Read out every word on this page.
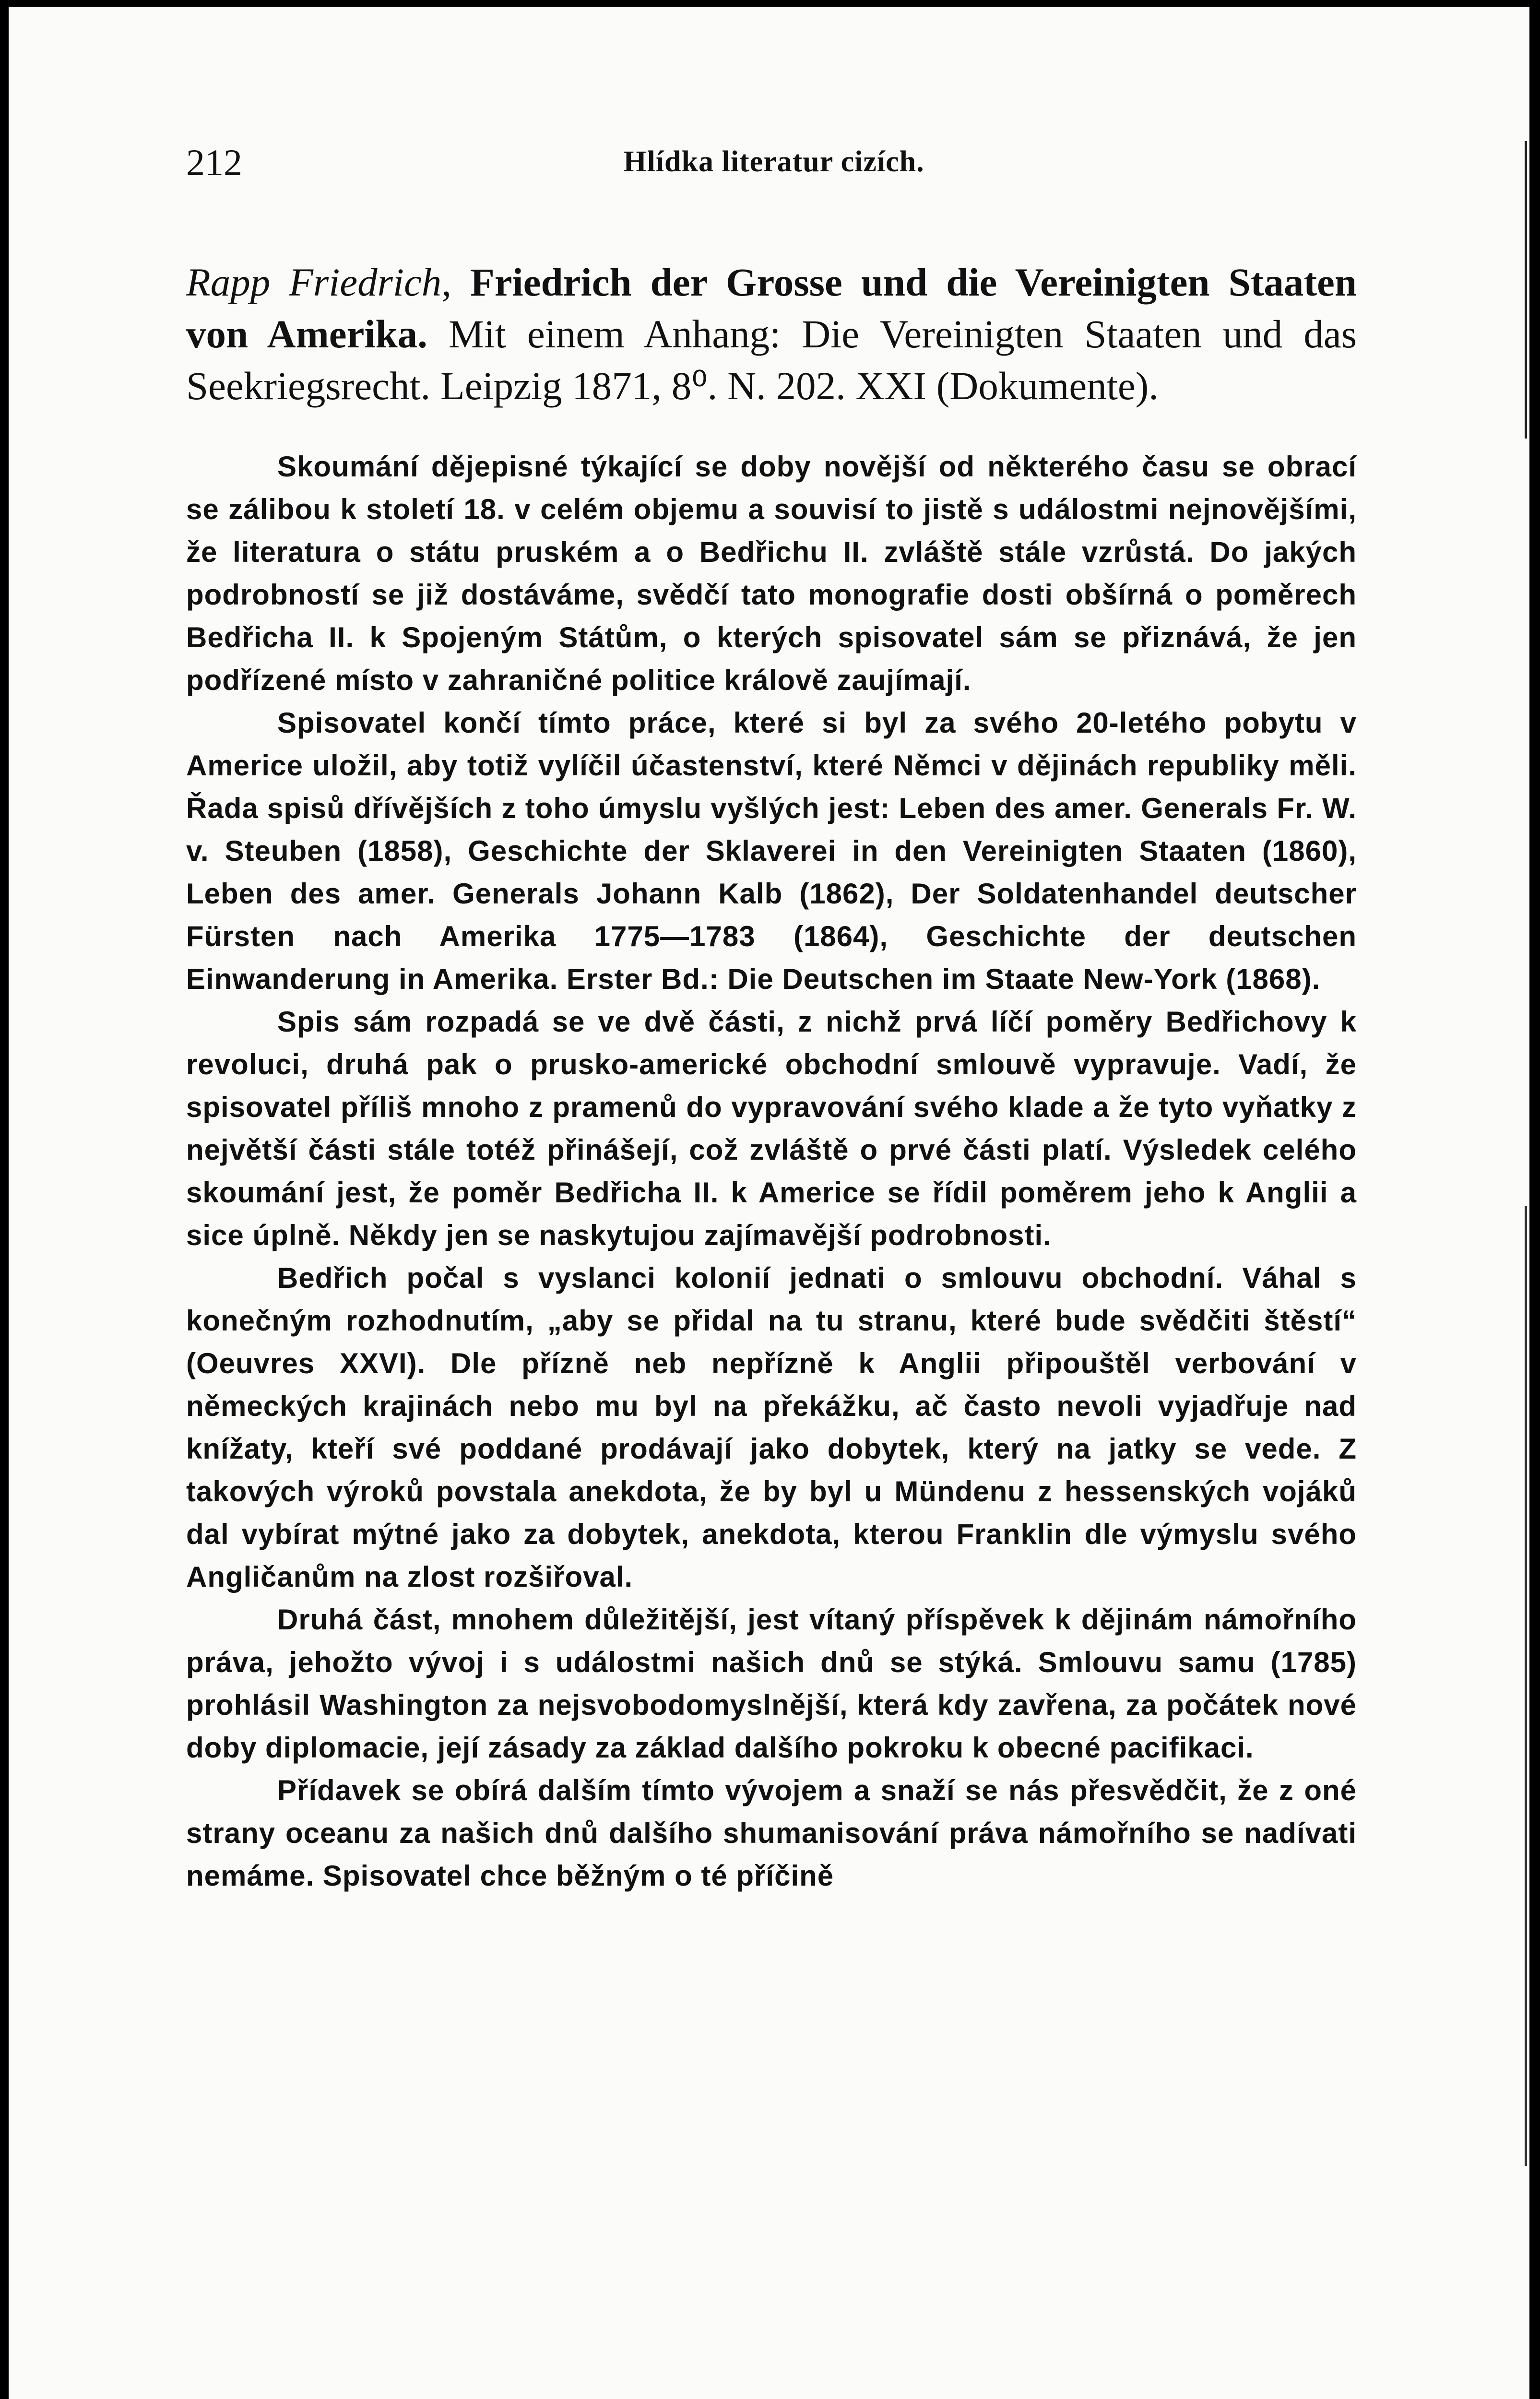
212	Hlídka literatur cizích.
Rapp Friedrich, Friedrich der Grosse und die Vereinigten Staaten von Amerika. Mit einem Anhang: Die Vereinigten Staaten und das Seekriegsrecht. Leipzig 1871, 8⁰. N. 202. XXI (Dokumente).

Skoumání dějepisné týkající se doby novější od některého času se obrací se zálibou k století 18. v celém objemu a souvisí to jistě s událostmi nejnovějšími, že literatura o státu pruském a o Bedřichu II. zvláště stále vzrůstá. Do jakých podrobností se již dostáváme, svědčí tato monografie dosti obšírná o poměrech Bedřicha II. k Spojeným Státům, o kterých spisovatel sám se přiznává, že jen podřízené místo v zahraničné politice královĕ zaujímají.

Spisovatel končí tímto práce, které si byl za svého 20-letého pobytu v Americe uložil, aby totiž vylíčil účastenství, které Němci v dějinách republiky měli. Řada spisů dřívějších z toho úmyslu vyšlých jest: Leben des amer. Generals Fr. W. v. Steuben (1858), Geschichte der Sklaverei in den Vereinigten Staaten (1860), Leben des amer. Generals Johann Kalb (1862), Der Soldatenhandel deutscher Fürsten nach Amerika 1775—1783 (1864), Geschichte der deutschen Einwanderung in Amerika. Erster Bd.: Die Deutschen im Staate New-York (1868).

Spis sám rozpadá se ve dvě části, z nichž prvá líčí poměry Bedřichovy k revoluci, druhá pak o prusko-americké obchodní smlouvě vypravuje. Vadí, že spisovatel příliš mnoho z pramenů do vypravování svého klade a že tyto vyňatky z největší části stále totéž přinášejí, což zvláště o prvé části platí. Výsledek celého skoumání jest, že poměr Bedřicha II. k Americe se řídil poměrem jeho k Anglii a sice úplně. Někdy jen se naskytujou zajímavější podrobnosti.

Bedřich počal s vyslanci kolonií jednati o smlouvu obchodní. Váhal s konečným rozhodnutím, „aby se přidal na tu stranu, které bude svědčiti štěstí“ (Oeuvres XXVI). Dle přízně neb nepřízně k Anglii připouštěl verbování v německých krajinách nebo mu byl na překážku, ač často nevoli vyjadřuje nad knížaty, kteří své poddané prodávají jako dobytek, který na jatky se vede. Z takových výroků povstala anekdota, že by byl u Mündenu z hessenských vojáků dal vybírat mýtné jako za dobytek, anekdota, kterou Franklin dle výmyslu svého Angličanům na zlost rozšiřoval.

Druhá část, mnohem důležitější, jest vítaný příspěvek k dějinám námořního práva, jehožto vývoj i s událostmi našich dnů se stýká. Smlouvu samu (1785) prohlásil Washington za nejsvobodomyslnější, která kdy zavřena, za počátek nové doby diplomacie, její zásady za základ dalšího pokroku k obecné pacifikaci.

Přídavek se obírá dalším tímto vývojem a snaží se nás přesvědčit, že z oné strany oceanu za našich dnů dalšího shumanisování práva námořního se nadívati nemáme. Spisovatel chce běžným o té příčině
